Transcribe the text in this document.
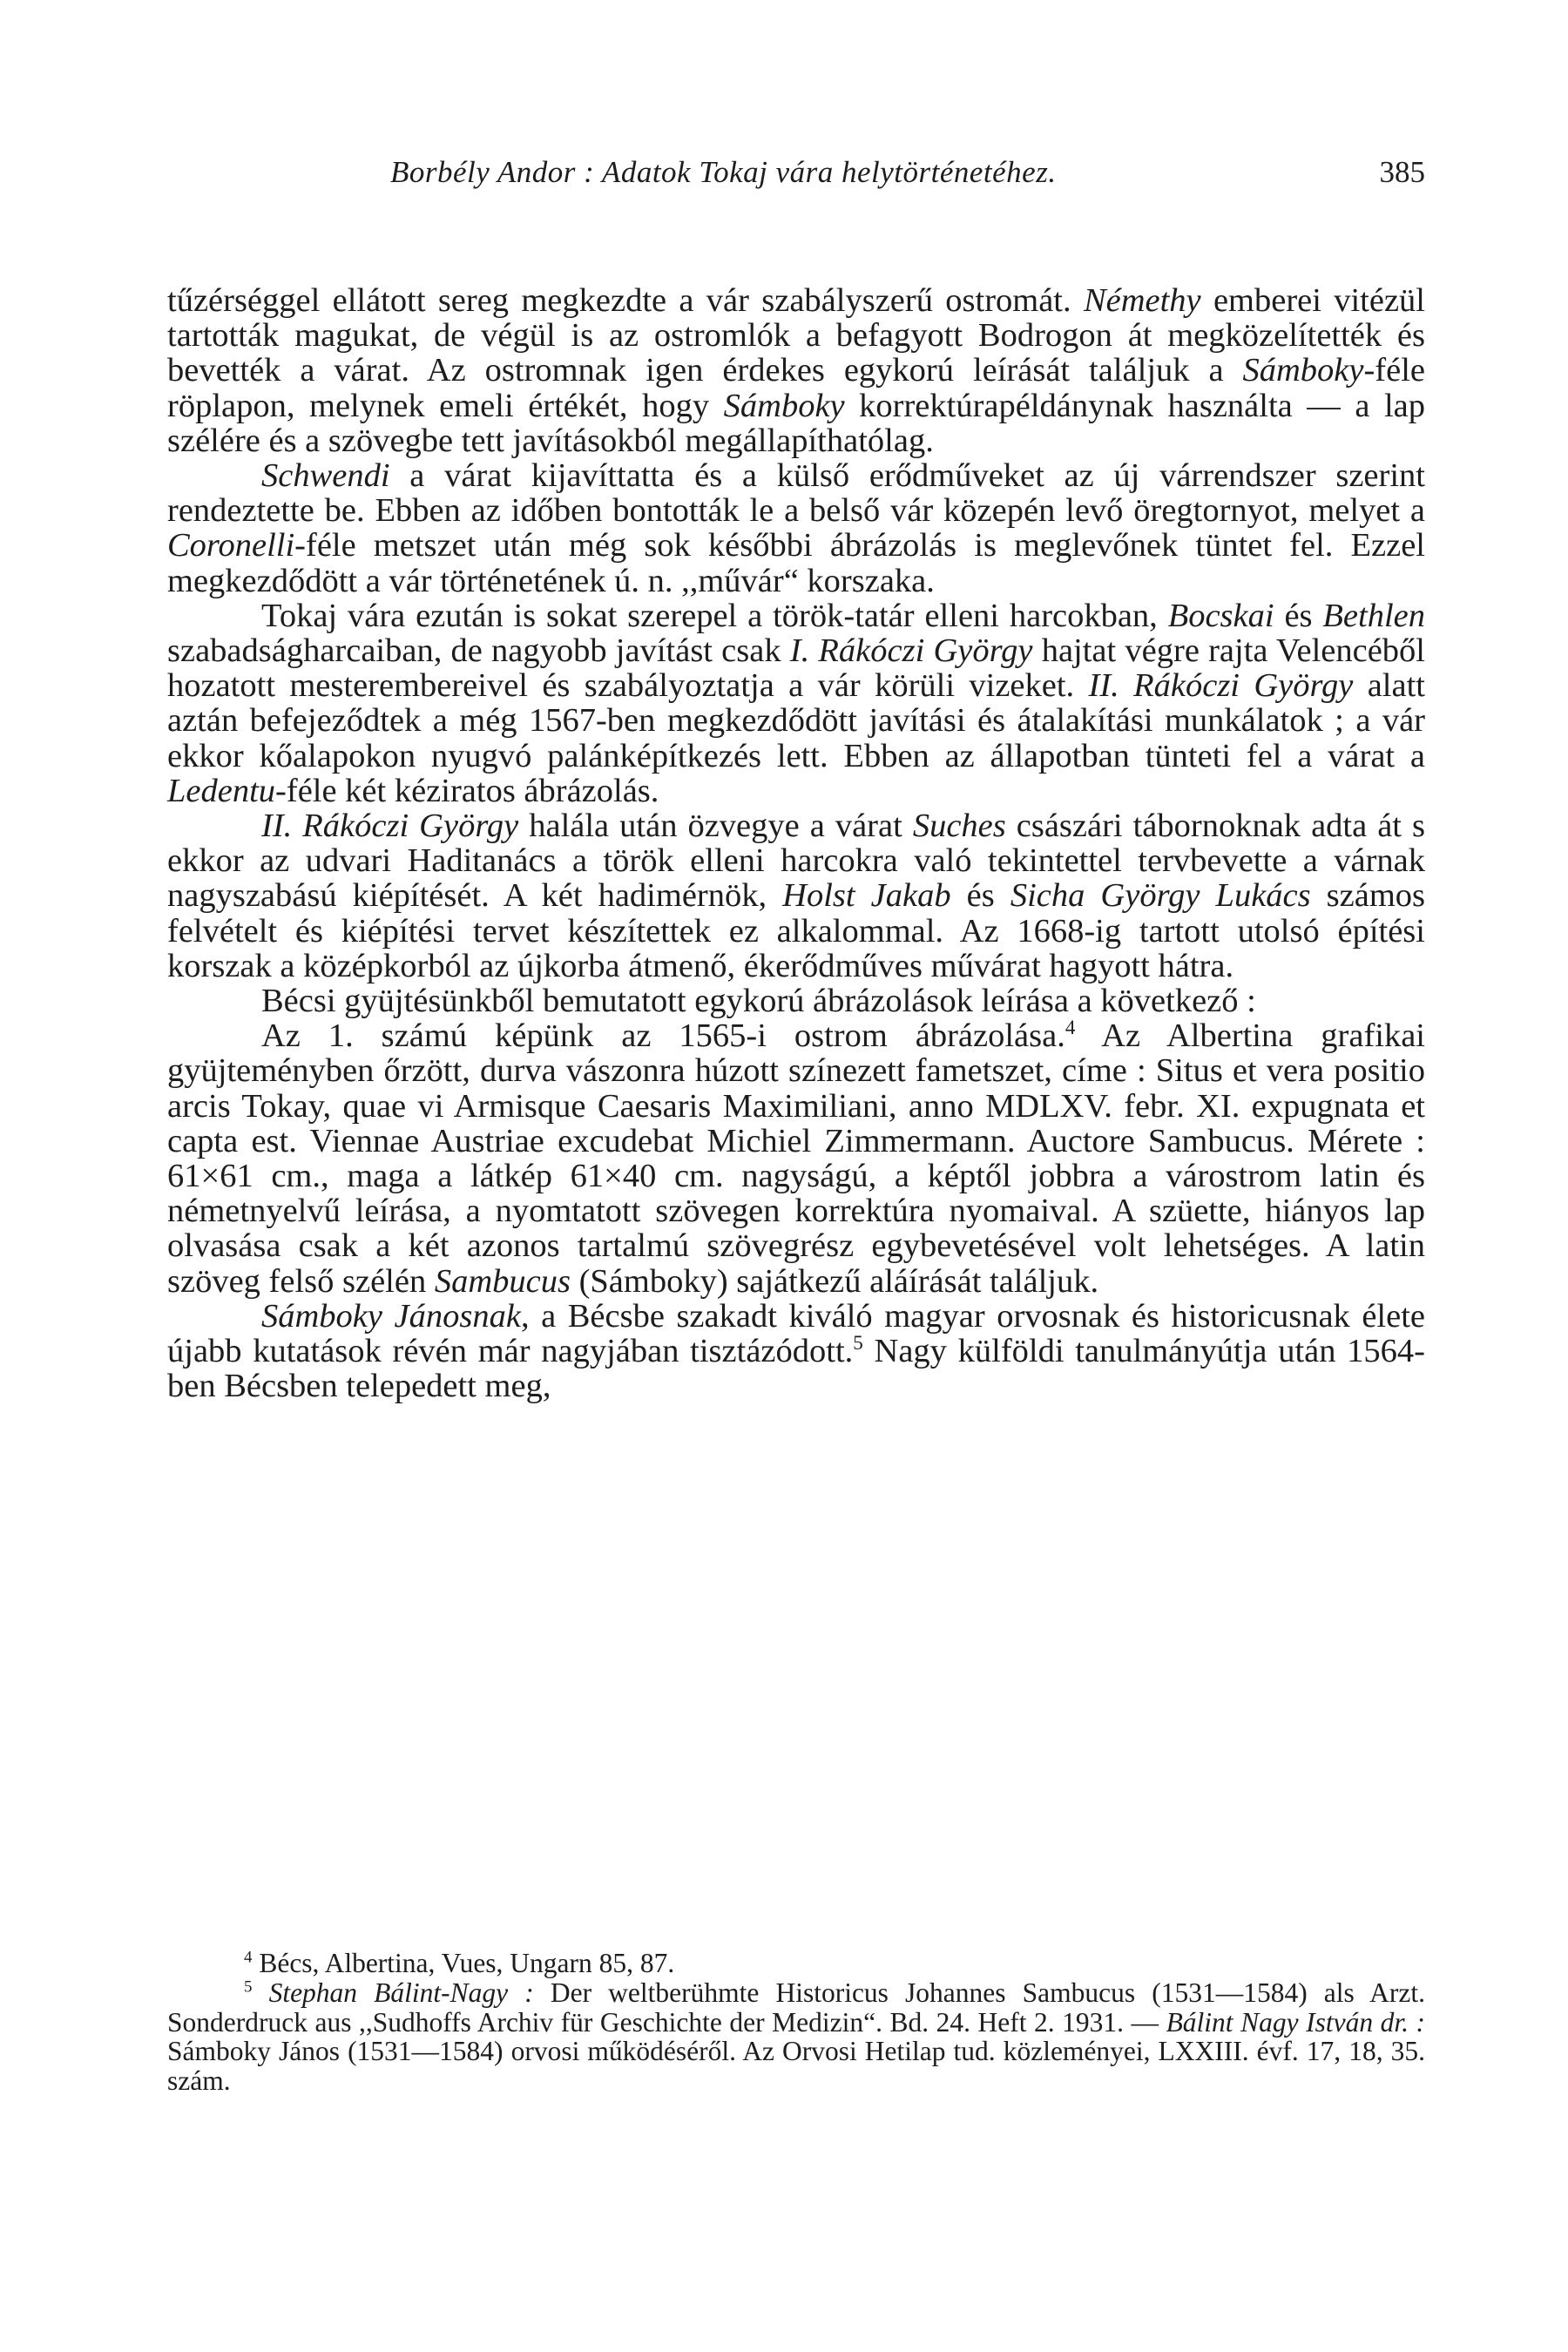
Borbély Andor : Adatok Tokaj vára helytörténetéhez.	385

tűzérséggel ellátott sereg megkezdte a vár szabályszerű ostromát. Némethy emberei vitézül tartották magukat, de végül is az ostromlók a befagyott Bodrogon át megközelítették és bevették a várat. Az ostromnak igen érdekes egykorú leírását találjuk a Sámboky-féle röplapon, melynek emeli értékét, hogy Sámboky korrektúrapéldánynak használta — a lap szélére és a szövegbe tett javításokból megállapíthatólag.

Schwendi a várat kijavíttatta és a külső erődműveket az új várrendszer szerint rendeztette be. Ebben az időben bontották le a belső vár közepén levő öregtornyot, melyet a Coronelli-féle metszet után még sok későbbi ábrázolás is meglevőnek tüntet fel. Ezzel megkezdődött a vár történetének ú. n. ,,művár“ korszaka.

Tokaj vára ezután is sokat szerepel a török-tatár elleni harcokban, Bocskai és Bethlen szabadságharcaiban, de nagyobb javítást csak I. Rákóczi György hajtat végre rajta Velencéből hozatott mesterembereivel és szabályoztatja a vár körüli vizeket. II. Rákóczi György alatt aztán befejeződtek a még 1567-ben megkezdődött javítási és átalakítási munkálatok ; a vár ekkor kőalapokon nyugvó palánképítkezés lett. Ebben az állapotban tünteti fel a várat a Ledentu-féle két kéziratos ábrázolás.

II. Rákóczi György halála után özvegye a várat Suches császári tábornoknak adta át s ekkor az udvari Haditanács a török elleni harcokra való tekintettel tervbevette a várnak nagyszabású kiépítését. A két hadimérnök, Holst Jakab és Sicha György Lukács számos felvételt és kiépítési tervet készítettek ez alkalommal. Az 1668-ig tartott utolsó építési korszak a középkorból az újkorba átmenő, ékerődműves művárat hagyott hátra.

Bécsi gyüjtésünkből bemutatott egykorú ábrázolások leírása a következő :

Az 1. számú képünk az 1565-i ostrom ábrázolása.$^4$ Az Albertina grafikai gyüjteményben őrzött, durva vászonra húzott színezett fametszet, címe : Situs et vera positio arcis Tokay, quae vi Armisque Caesaris Maximiliani, anno MDLXV. febr. XI. expugnata et capta est. Viennae Austriae excudebat Michiel Zimmermann. Auctore Sambucus. Mérete : 61×61 cm., maga a látkép 61×40 cm. nagyságú, a képtől jobbra a várostrom latin és németnyelvű leírása, a nyomtatott szövegen korrektúra nyomaival. A szüette, hiányos lap olvasása csak a két azonos tartalmú szövegrész egybevetésével volt lehetséges. A latin szöveg felső szélén Sambucus (Sámboky) sajátkezű aláírását találjuk.

Sámboky Jánosnak, a Bécsbe szakadt kiváló magyar orvosnak és historicusnak élete újabb kutatások révén már nagyjában tisztázódott.$^5$ Nagy külföldi tanulmányútja után 1564-ben Bécsben telepedett meg,

$^4$ Bécs, Albertina, Vues, Ungarn 85, 87.

$^5$ Stephan Bálint-Nagy : Der weltberühmte Historicus Johannes Sambucus (1531—1584) als Arzt. Sonderdruck aus ,,Sudhoffs Archiv für Geschichte der Medizin“. Bd. 24. Heft 2. 1931. — Bálint Nagy István dr. : Sámboky János (1531—1584) orvosi működéséről. Az Orvosi Hetilap tud. közleményei, LXXIII. évf. 17, 18, 35. szám.
